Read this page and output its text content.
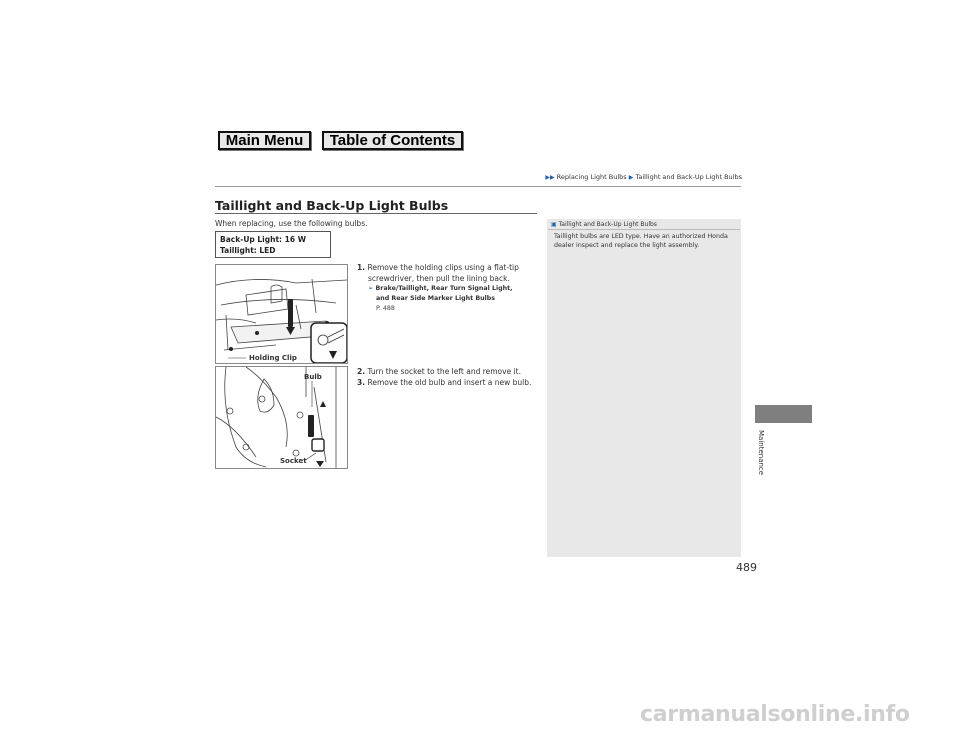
Main Menu	Table of Contents
▶▶ Replacing Light Bulbs ▶ Taillight and Back-Up Light Bulbs
Taillight and Back-Up Light Bulbs
When replacing, use the following bulbs.
Back-Up Light: 16 W
Taillight: LED
Holding Clip
Bulb
Socket
1. Remove the holding clips using a flat-tip
screwdriver, then pull the lining back.
➢ Brake/Taillight, Rear Turn Signal Light,
and Rear Side Marker Light Bulbs
P. 488
2. Turn the socket to the left and remove it.
3. Remove the old bulb and insert a new bulb.
▣ Taillight and Back-Up Light Bulbs
Taillight bulbs are LED type. Have an authorized Honda dealer inspect and replace the light assembly.
Maintenance
489
carmanualsonline.info
